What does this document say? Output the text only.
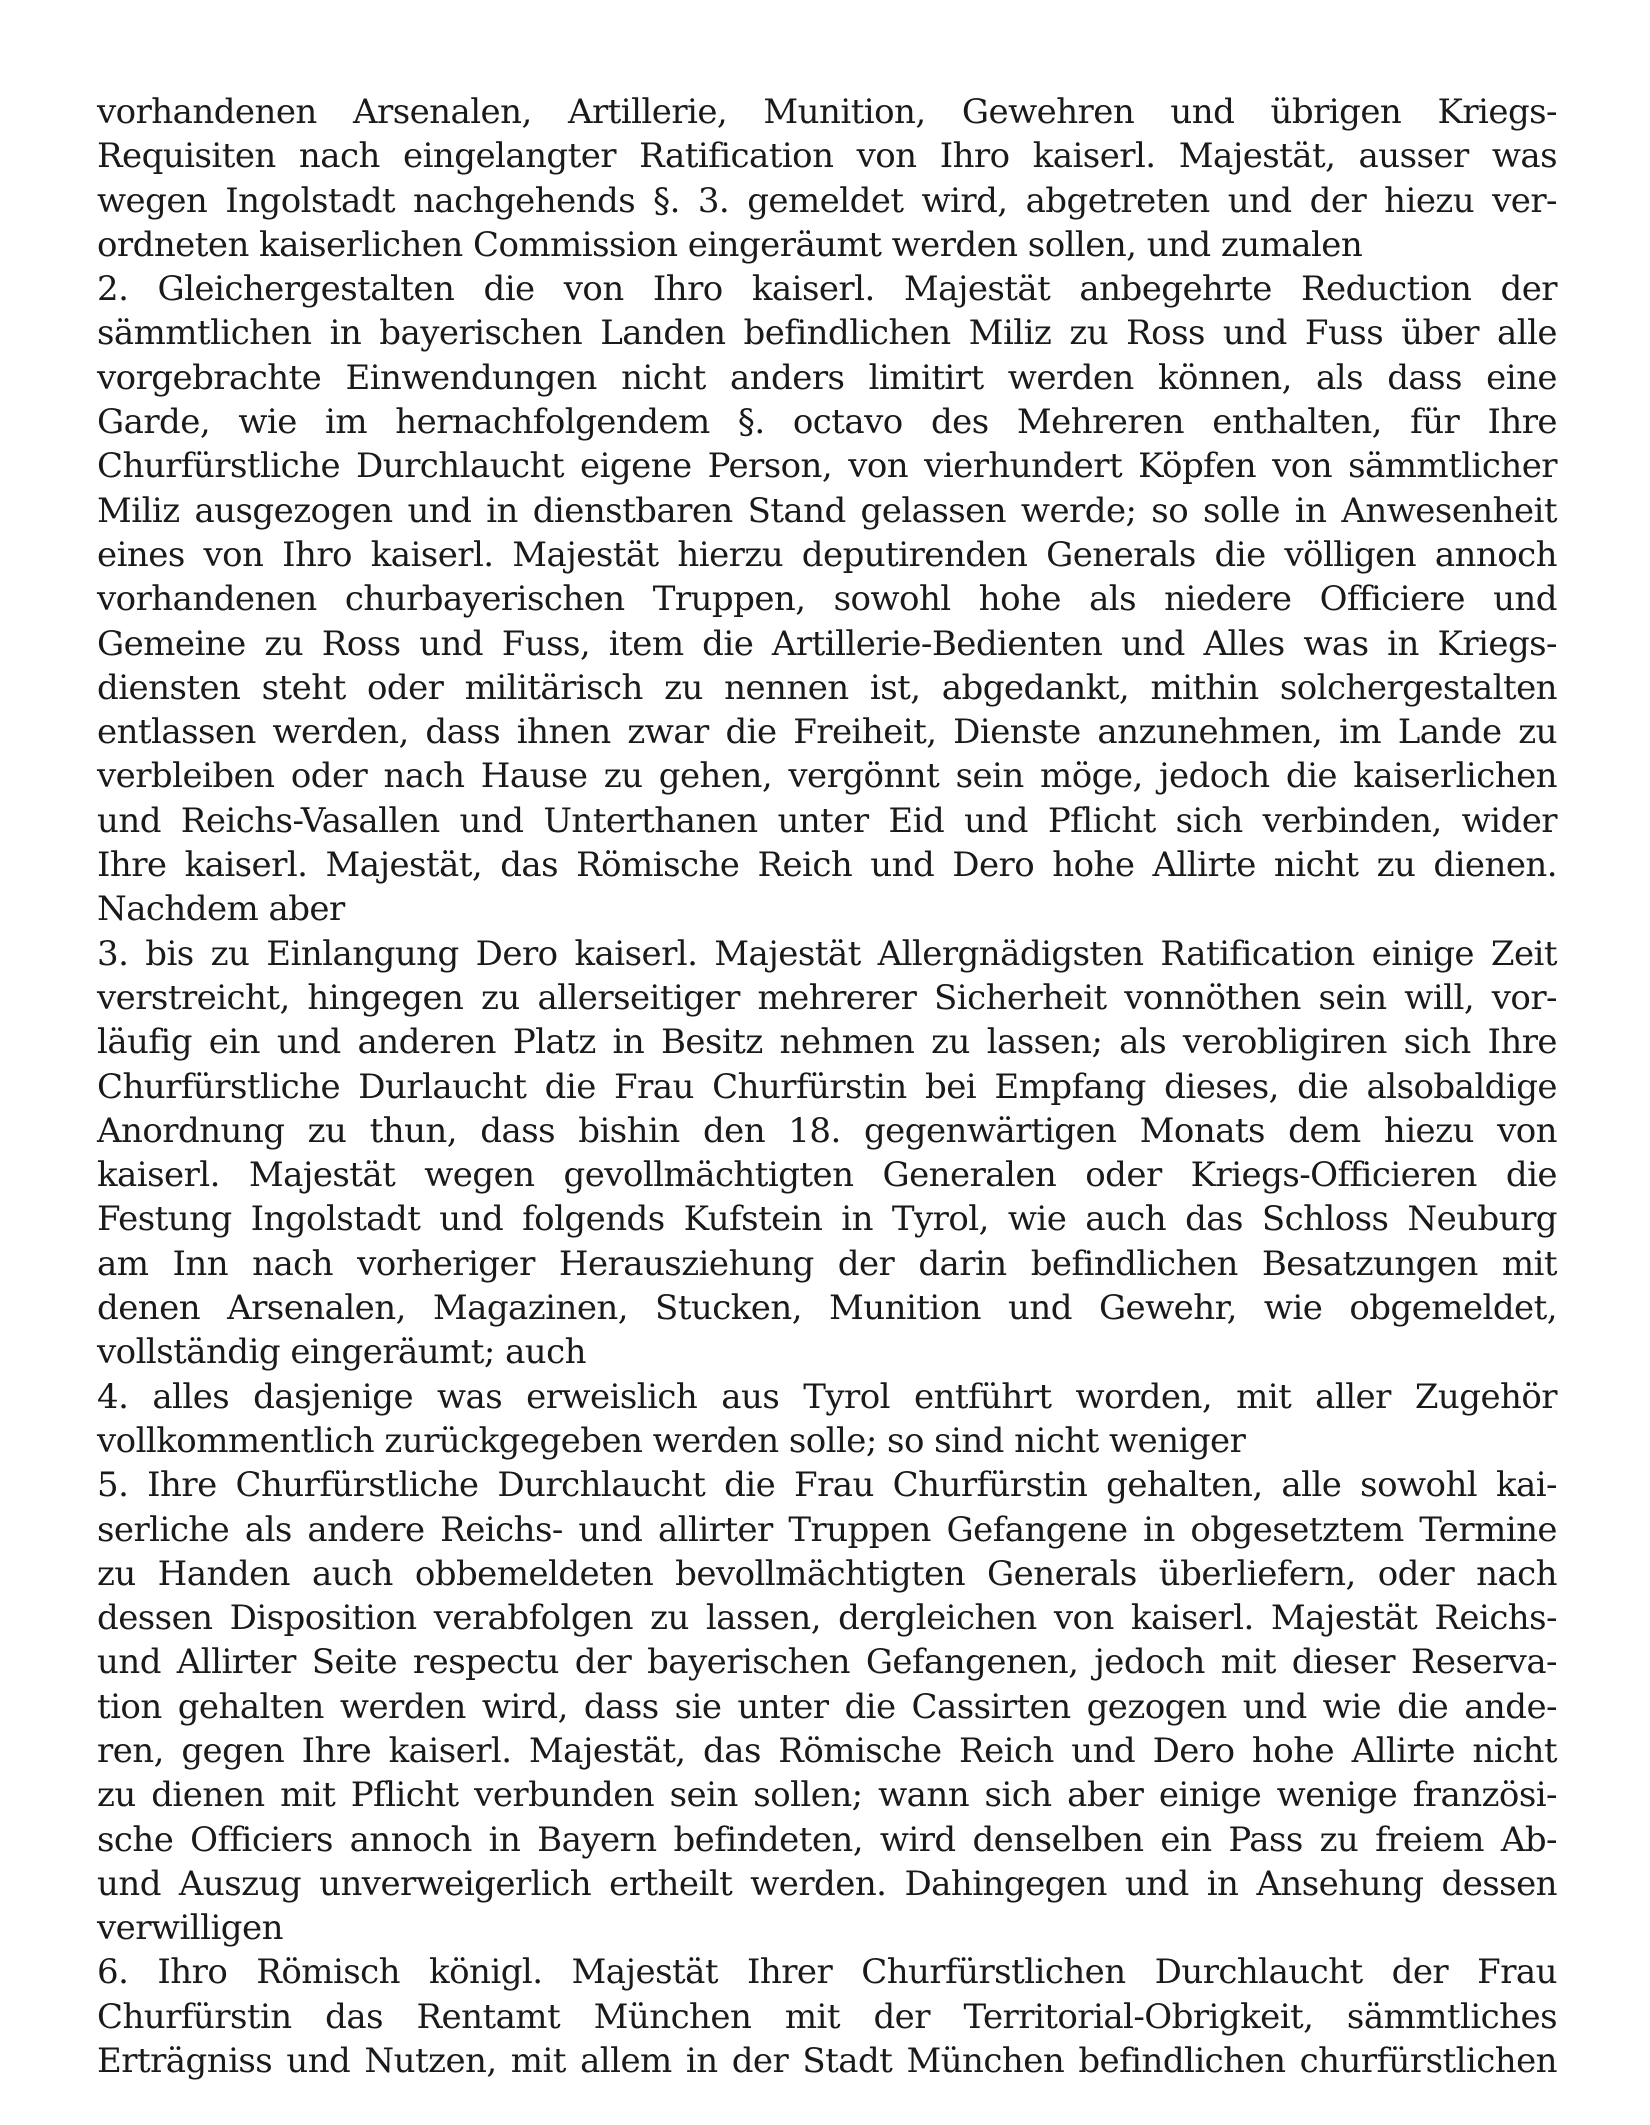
vorhandenen Arsenalen, Artillerie, Munition, Gewehren und übrigen Kriegs-
Requisiten nach eingelangter Ratification von Ihro kaiserl. Majestät, ausser was
wegen Ingolstadt nachgehends §. 3. gemeldet wird, abgetreten und der hiezu ver-
ordneten kaiserlichen Commission eingeräumt werden sollen, und zumalen
2. Gleichergestalten die von Ihro kaiserl. Majestät anbegehrte Reduction der
sämmtlichen in bayerischen Landen befindlichen Miliz zu Ross und Fuss über alle
vorgebrachte Einwendungen nicht anders limitirt werden können, als dass eine
Garde, wie im hernachfolgendem §. octavo des Mehreren enthalten, für Ihre
Churfürstliche Durchlaucht eigene Person, von vierhundert Köpfen von sämmtlicher
Miliz ausgezogen und in dienstbaren Stand gelassen werde; so solle in Anwesenheit
eines von Ihro kaiserl. Majestät hierzu deputirenden Generals die völligen annoch
vorhandenen churbayerischen Truppen, sowohl hohe als niedere Officiere und
Gemeine zu Ross und Fuss, item die Artillerie-Bedienten und Alles was in Kriegs-
diensten steht oder militärisch zu nennen ist, abgedankt, mithin solchergestalten
entlassen werden, dass ihnen zwar die Freiheit, Dienste anzunehmen, im Lande zu
verbleiben oder nach Hause zu gehen, vergönnt sein möge, jedoch die kaiserlichen
und Reichs-Vasallen und Unterthanen unter Eid und Pflicht sich verbinden, wider
Ihre kaiserl. Majestät, das Römische Reich und Dero hohe Allirte nicht zu dienen.
Nachdem aber
3. bis zu Einlangung Dero kaiserl. Majestät Allergnädigsten Ratification einige Zeit
verstreicht, hingegen zu allerseitiger mehrerer Sicherheit vonnöthen sein will, vor-
läufig ein und anderen Platz in Besitz nehmen zu lassen; als verobligiren sich Ihre
Churfürstliche Durlaucht die Frau Churfürstin bei Empfang dieses, die alsobaldige
Anordnung zu thun, dass bishin den 18. gegenwärtigen Monats dem hiezu von
kaiserl. Majestät wegen gevollmächtigten Generalen oder Kriegs-Officieren die
Festung Ingolstadt und folgends Kufstein in Tyrol, wie auch das Schloss Neuburg
am Inn nach vorheriger Herausziehung der darin befindlichen Besatzungen mit
denen Arsenalen, Magazinen, Stucken, Munition und Gewehr, wie obgemeldet,
vollständig eingeräumt; auch
4. alles dasjenige was erweislich aus Tyrol entführt worden, mit aller Zugehör
vollkommentlich zurückgegeben werden solle; so sind nicht weniger
5. Ihre Churfürstliche Durchlaucht die Frau Churfürstin gehalten, alle sowohl kai-
serliche als andere Reichs- und allirter Truppen Gefangene in obgesetztem Termine
zu Handen auch obbemeldeten bevollmächtigten Generals überliefern, oder nach
dessen Disposition verabfolgen zu lassen, dergleichen von kaiserl. Majestät Reichs-
und Allirter Seite respectu der bayerischen Gefangenen, jedoch mit dieser Reserva-
tion gehalten werden wird, dass sie unter die Cassirten gezogen und wie die ande-
ren, gegen Ihre kaiserl. Majestät, das Römische Reich und Dero hohe Allirte nicht
zu dienen mit Pflicht verbunden sein sollen; wann sich aber einige wenige französi-
sche Officiers annoch in Bayern befindeten, wird denselben ein Pass zu freiem Ab-
und Auszug unverweigerlich ertheilt werden. Dahingegen und in Ansehung dessen
verwilligen
6. Ihro Römisch königl. Majestät Ihrer Churfürstlichen Durchlaucht der Frau
Churfürstin das Rentamt München mit der Territorial-Obrigkeit, sämmtliches
Erträgniss und Nutzen, mit allem in der Stadt München befindlichen churfürstlichen
